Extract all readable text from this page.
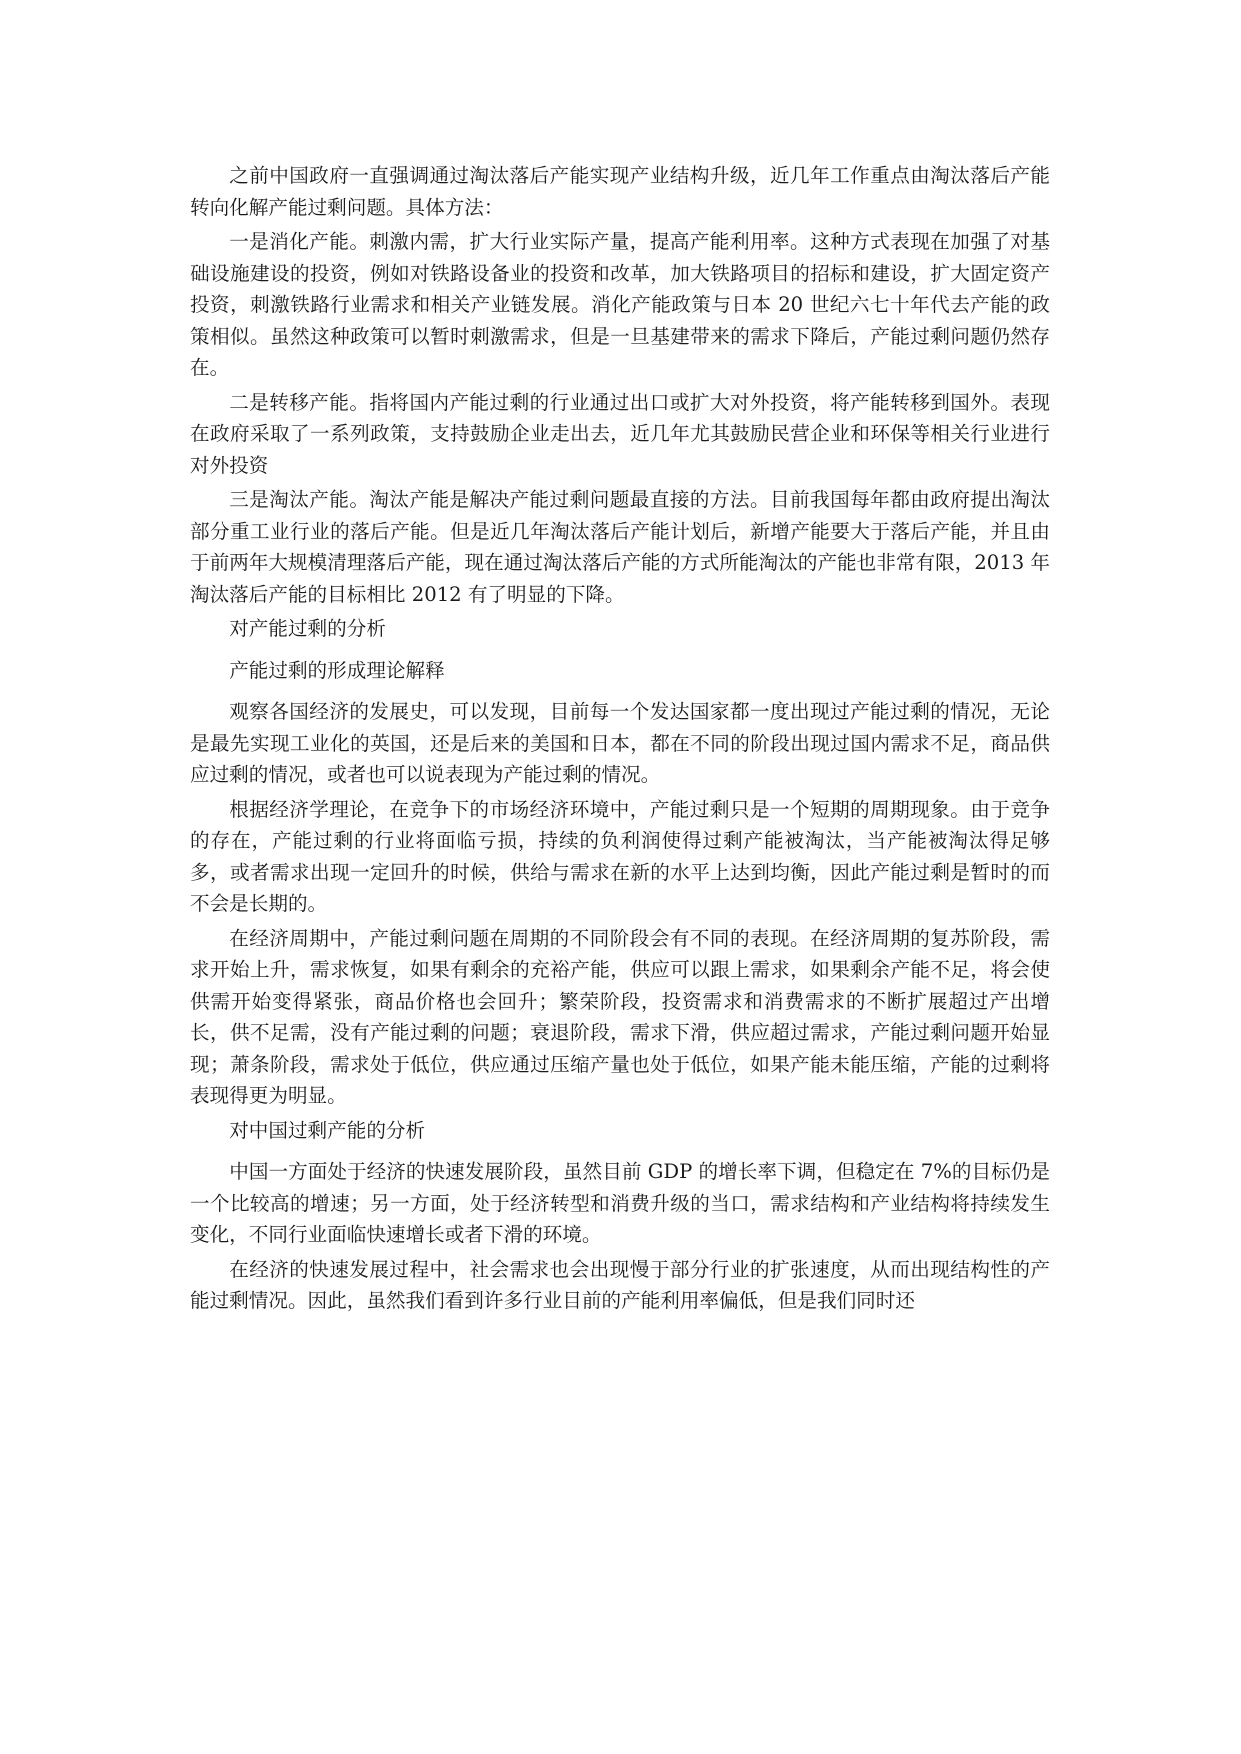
之前中国政府一直强调通过淘汰落后产能实现产业结构升级，近几年工作重点由淘汰落后产能转向化解产能过剩问题。具体方法：

一是消化产能。刺激内需，扩大行业实际产量，提高产能利用率。这种方式表现在加强了对基础设施建设的投资，例如对铁路设备业的投资和改革，加大铁路项目的招标和建设，扩大固定资产投资，刺激铁路行业需求和相关产业链发展。消化产能政策与日本 20 世纪六七十年代去产能的政策相似。虽然这种政策可以暂时刺激需求，但是一旦基建带来的需求下降后，产能过剩问题仍然存在。

二是转移产能。指将国内产能过剩的行业通过出口或扩大对外投资，将产能转移到国外。表现在政府采取了一系列政策，支持鼓励企业走出去，近几年尤其鼓励民营企业和环保等相关行业进行对外投资

三是淘汰产能。淘汰产能是解决产能过剩问题最直接的方法。目前我国每年都由政府提出淘汰部分重工业行业的落后产能。但是近几年淘汰落后产能计划后，新增产能要大于落后产能，并且由于前两年大规模清理落后产能，现在通过淘汰落后产能的方式所能淘汰的产能也非常有限，2013 年淘汰落后产能的目标相比 2012 有了明显的下降。

对产能过剩的分析

产能过剩的形成理论解释

观察各国经济的发展史，可以发现，目前每一个发达国家都一度出现过产能过剩的情况，无论是最先实现工业化的英国，还是后来的美国和日本，都在不同的阶段出现过国内需求不足，商品供应过剩的情况，或者也可以说表现为产能过剩的情况。

根据经济学理论，在竞争下的市场经济环境中，产能过剩只是一个短期的周期现象。由于竞争的存在，产能过剩的行业将面临亏损，持续的负利润使得过剩产能被淘汰，当产能被淘汰得足够多，或者需求出现一定回升的时候，供给与需求在新的水平上达到均衡，因此产能过剩是暂时的而不会是长期的。

在经济周期中，产能过剩问题在周期的不同阶段会有不同的表现。在经济周期的复苏阶段，需求开始上升，需求恢复，如果有剩余的充裕产能，供应可以跟上需求，如果剩余产能不足，将会使供需开始变得紧张，商品价格也会回升；繁荣阶段，投资需求和消费需求的不断扩展超过产出增长，供不足需，没有产能过剩的问题；衰退阶段，需求下滑，供应超过需求，产能过剩问题开始显现；萧条阶段，需求处于低位，供应通过压缩产量也处于低位，如果产能未能压缩，产能的过剩将表现得更为明显。

对中国过剩产能的分析

中国一方面处于经济的快速发展阶段，虽然目前 GDP 的增长率下调，但稳定在 7%的目标仍是一个比较高的增速；另一方面，处于经济转型和消费升级的当口，需求结构和产业结构将持续发生变化，不同行业面临快速增长或者下滑的环境。

在经济的快速发展过程中，社会需求也会出现慢于部分行业的扩张速度，从而出现结构性的产能过剩情况。因此，虽然我们看到许多行业目前的产能利用率偏低，但是我们同时还
